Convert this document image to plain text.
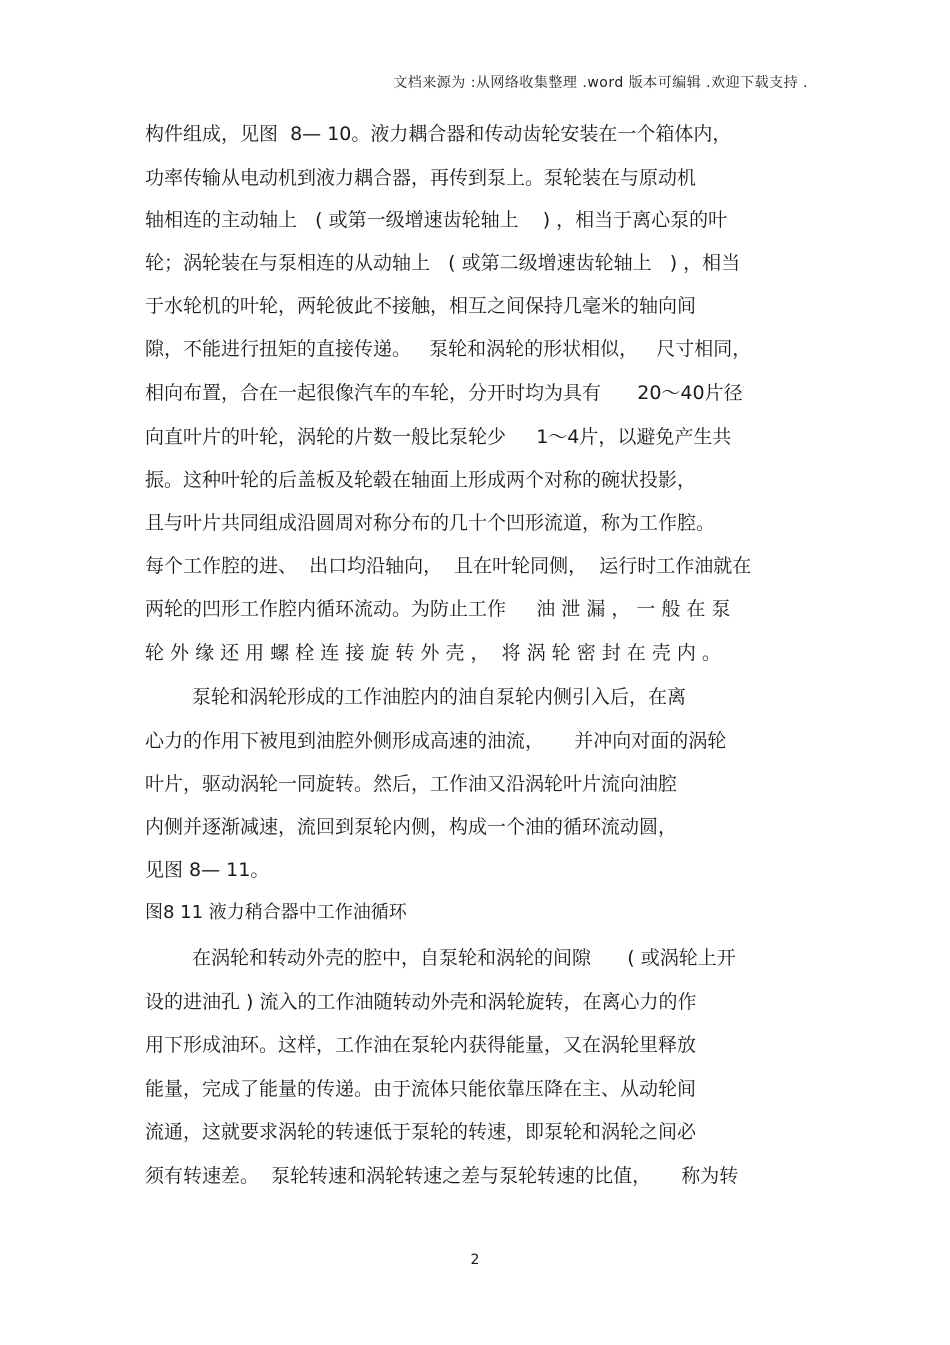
文档来源为 :从网络收集整理 .word 版本可编辑 .欢迎下载支持 .
构件组成，见图  8— 10。液力耦合器和传动齿轮安装在一个箱体内，
功率传输从电动机到液力耦合器，再传到泵上。泵轮装在与原动机
轴相连的主动轴上   ( 或第一级增速齿轮轴上    ) ，相当于离心泵的叶
轮；涡轮装在与泵相连的从动轴上   ( 或第二级增速齿轮轴上   ) ，相当
于水轮机的叶轮，两轮彼此不接触，相互之间保持几毫米的轴向间
隙，不能进行扭矩的直接传递。   泵轮和涡轮的形状相似，   尺寸相同，
相向布置，合在一起很像汽车的车轮，分开时均为具有      20～40片径
向直叶片的叶轮，涡轮的片数一般比泵轮少     1～4片，以避免产生共
振。这种叶轮的后盖板及轮毂在轴面上形成两个对称的碗状投影，
且与叶片共同组成沿圆周对称分布的几十个凹形流道，称为工作腔。
每个工作腔的进、  出口均沿轴向，  且在叶轮同侧，  运行时工作油就在
两轮的凹形工作腔内循环流动。为防止工作     油 泄 漏 ， 一 般 在 泵
轮 外 缘 还 用 螺 栓 连 接 旋 转 外 壳 ，  将 涡 轮 密 封 在 壳 内 。
泵轮和涡轮形成的工作油腔内的油自泵轮内侧引入后，在离
心力的作用下被甩到油腔外侧形成高速的油流，     并冲向对面的涡轮
叶片，驱动涡轮一同旋转。然后，工作油又沿涡轮叶片流向油腔
内侧并逐渐减速，流回到泵轮内侧，构成一个油的循环流动圆，
见图 8— 11。
图8 11 液力稍合器中工作油循环
在涡轮和转动外壳的腔中，自泵轮和涡轮的间隙      ( 或涡轮上开
设的进油孔 ) 流入的工作油随转动外壳和涡轮旋转，在离心力的作
用下形成油环。这样，工作油在泵轮内获得能量，又在涡轮里释放
能量，完成了能量的传递。由于流体只能依靠压降在主、从动轮间
流通，这就要求涡轮的转速低于泵轮的转速，即泵轮和涡轮之间必
须有转速差。  泵轮转速和涡轮转速之差与泵轮转速的比值，     称为转
2
